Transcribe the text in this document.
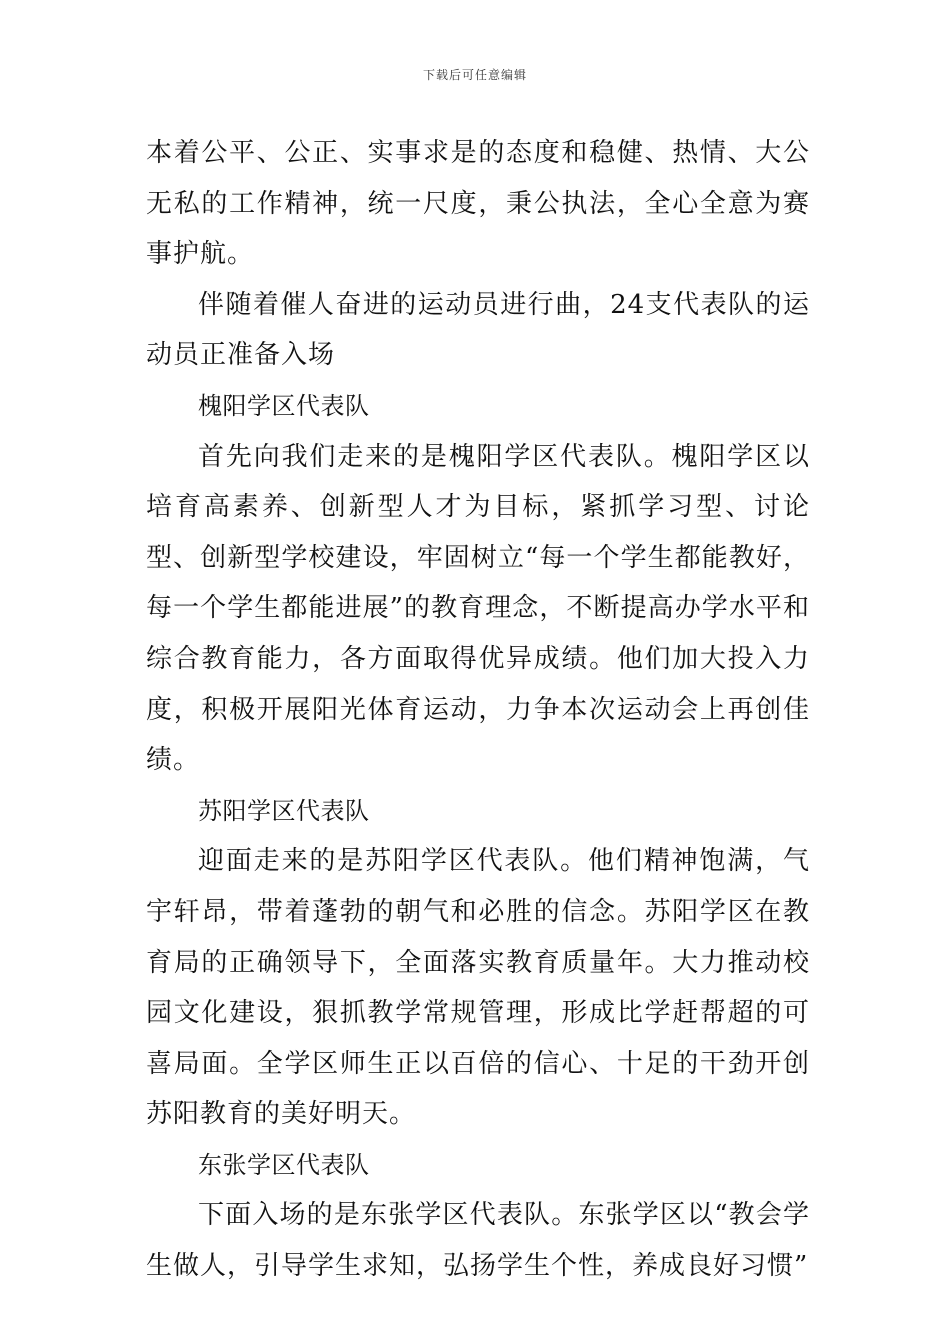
下载后可任意编辑

本着公平、公正、实事求是的态度和稳健、热情、大公无私的工作精神，统一尺度，秉公执法，全心全意为赛事护航。

伴随着催人奋进的运动员进行曲，24支代表队的运动员正准备入场

槐阳学区代表队

首先向我们走来的是槐阳学区代表队。槐阳学区以培育高素养、创新型人才为目标，紧抓学习型、讨论型、创新型学校建设，牢固树立“每一个学生都能教好，每一个学生都能进展”的教育理念，不断提高办学水平和综合教育能力，各方面取得优异成绩。他们加大投入力度，积极开展阳光体育运动，力争本次运动会上再创佳绩。

苏阳学区代表队

迎面走来的是苏阳学区代表队。他们精神饱满，气宇轩昂，带着蓬勃的朝气和必胜的信念。苏阳学区在教育局的正确领导下，全面落实教育质量年。大力推动校园文化建设，狠抓教学常规管理，形成比学赶帮超的可喜局面。全学区师生正以百倍的信心、十足的干劲开创苏阳教育的美好明天。

东张学区代表队

下面入场的是东张学区代表队。东张学区以“教会学生做人，引导学生求知，弘扬学生个性，养成良好习惯”
